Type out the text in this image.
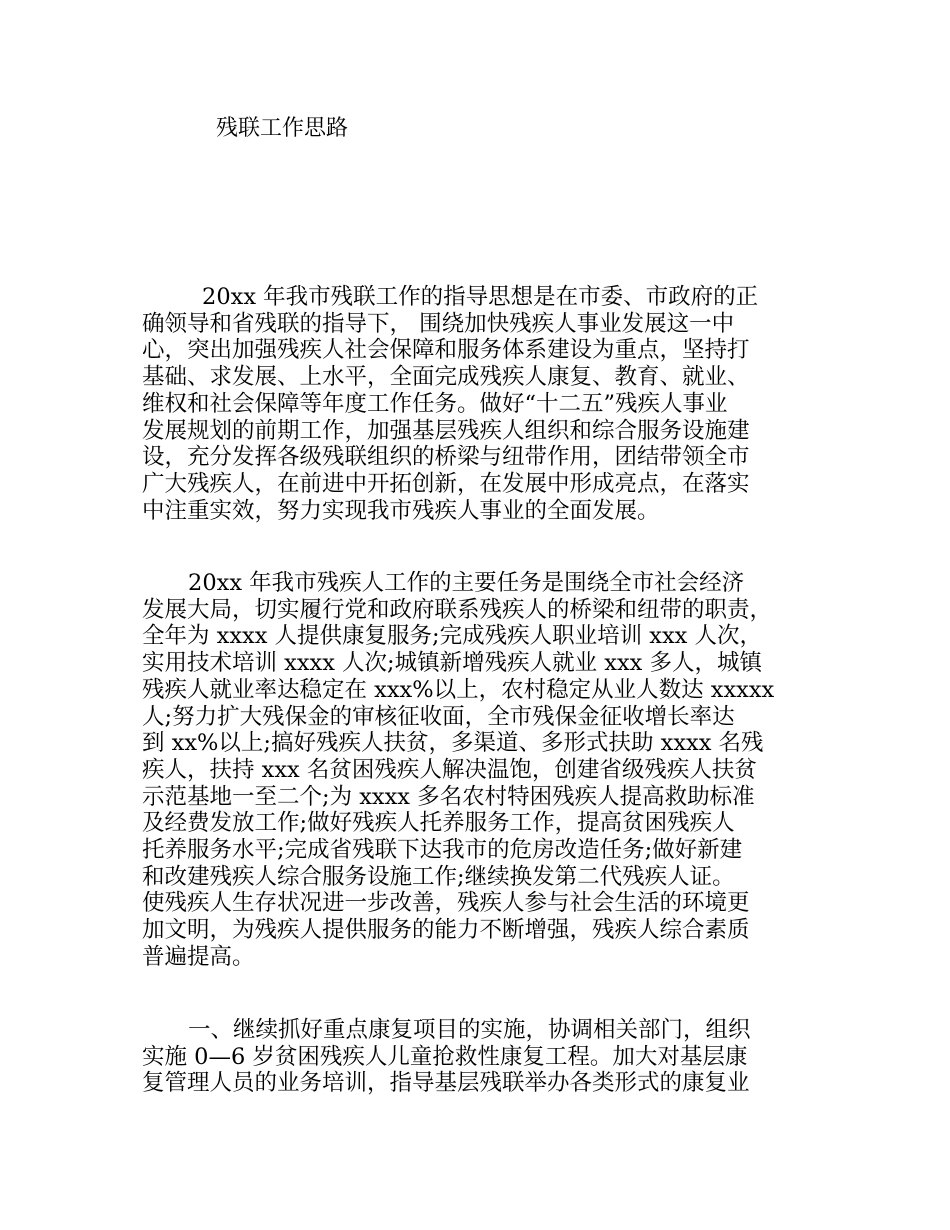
残联工作思路
20xx 年我市残联工作的指导思想是在市委、市政府的正
确领导和省残联的指导下， 围绕加快残疾人事业发展这一中
心，突出加强残疾人社会保障和服务体系建设为重点，坚持打
基础、求发展、上水平，全面完成残疾人康复、教育、就业、
维权和社会保障等年度工作任务。做好“十二五”残疾人事业
发展规划的前期工作，加强基层残疾人组织和综合服务设施建
设，充分发挥各级残联组织的桥梁与纽带作用，团结带领全市
广大残疾人，在前进中开拓创新，在发展中形成亮点，在落实
中注重实效，努力实现我市残疾人事业的全面发展。
20xx 年我市残疾人工作的主要任务是围绕全市社会经济
发展大局，切实履行党和政府联系残疾人的桥梁和纽带的职责，
全年为 xxxx 人提供康复服务;完成残疾人职业培训 xxx 人次，
实用技术培训 xxxx 人次;城镇新增残疾人就业 xxx 多人，城镇
残疾人就业率达稳定在 xxx%以上，农村稳定从业人数达 xxxxx
人;努力扩大残保金的审核征收面，全市残保金征收增长率达
到 xx%以上;搞好残疾人扶贫，多渠道、多形式扶助 xxxx 名残
疾人，扶持 xxx 名贫困残疾人解决温饱，创建省级残疾人扶贫
示范基地一至二个;为 xxxx 多名农村特困残疾人提高救助标准
及经费发放工作;做好残疾人托养服务工作，提高贫困残疾人
托养服务水平;完成省残联下达我市的危房改造任务;做好新建
和改建残疾人综合服务设施工作;继续换发第二代残疾人证。
使残疾人生存状况进一步改善，残疾人参与社会生活的环境更
加文明，为残疾人提供服务的能力不断增强，残疾人综合素质
普遍提高。
一、继续抓好重点康复项目的实施，协调相关部门，组织
实施 0—6 岁贫困残疾人儿童抢救性康复工程。加大对基层康
复管理人员的业务培训，指导基层残联举办各类形式的康复业
